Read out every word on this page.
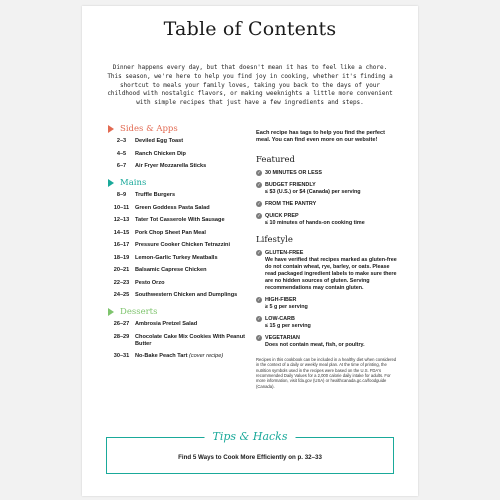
Table of Contents
Dinner happens every day, but that doesn't mean it has to feel like a chore. This season, we're here to help you find joy in cooking, whether it's finding a shortcut to meals your family loves, taking you back to the days of your childhood with nostalgic flavors, or making weeknights a little more convenient with simple recipes that just have a few ingredients and steps.
Sides & Apps
2–3	Deviled Egg Toast
4–5	Ranch Chicken Dip
6–7	Air Fryer Mozzarella Sticks
Mains
8–9	Truffle Burgers
10–11	Green Goddess Pasta Salad
12–13	Tater Tot Casserole With Sausage
14–15	Pork Chop Sheet Pan Meal
16–17	Pressure Cooker Chicken Tetrazzini
18–19	Lemon-Garlic Turkey Meatballs
20–21	Balsamic Caprese Chicken
22–23	Pesto Orzo
24–25	Southwestern Chicken and Dumplings
Desserts
26–27	Ambrosia Pretzel Salad
28–29	Chocolate Cake Mix Cookies With Peanut Butter
30–31	No-Bake Peach Tart (cover recipe)
Each recipe has tags to help you find the perfect meal. You can find even more on our website!
Featured
✓ 30 MINUTES OR LESS
✓ BUDGET FRIENDLY
≤ $3 (U.S.) or $4 (Canada) per serving
✓ FROM THE PANTRY
✓ QUICK PREP
≤ 10 minutes of hands-on cooking time
Lifestyle
✓ GLUTEN-FREE
We have verified that recipes marked as gluten-free do not contain wheat, rye, barley, or oats. Please read packaged ingredient labels to make sure there are no hidden sources of gluten. Serving recommendations may contain gluten.
✓ HIGH-FIBER
≥ 5 g per serving
✓ LOW-CARB
≤ 15 g per serving
✓ VEGETARIAN
Does not contain meat, fish, or poultry.
Recipes in this cookbook can be included in a healthy diet when considered in the context of a daily or weekly meal plan. At the time of printing, the nutrition symbols used in the recipes were based on the U.S. FDA's recommended Daily Values for a 2,000 calorie daily intake for adults. For more information, visit fda.gov (USA) or healthcanada.gc.ca/foodguide (Canada).
Tips & Hacks
Find 5 Ways to Cook More Efficiently on p. 32–33
